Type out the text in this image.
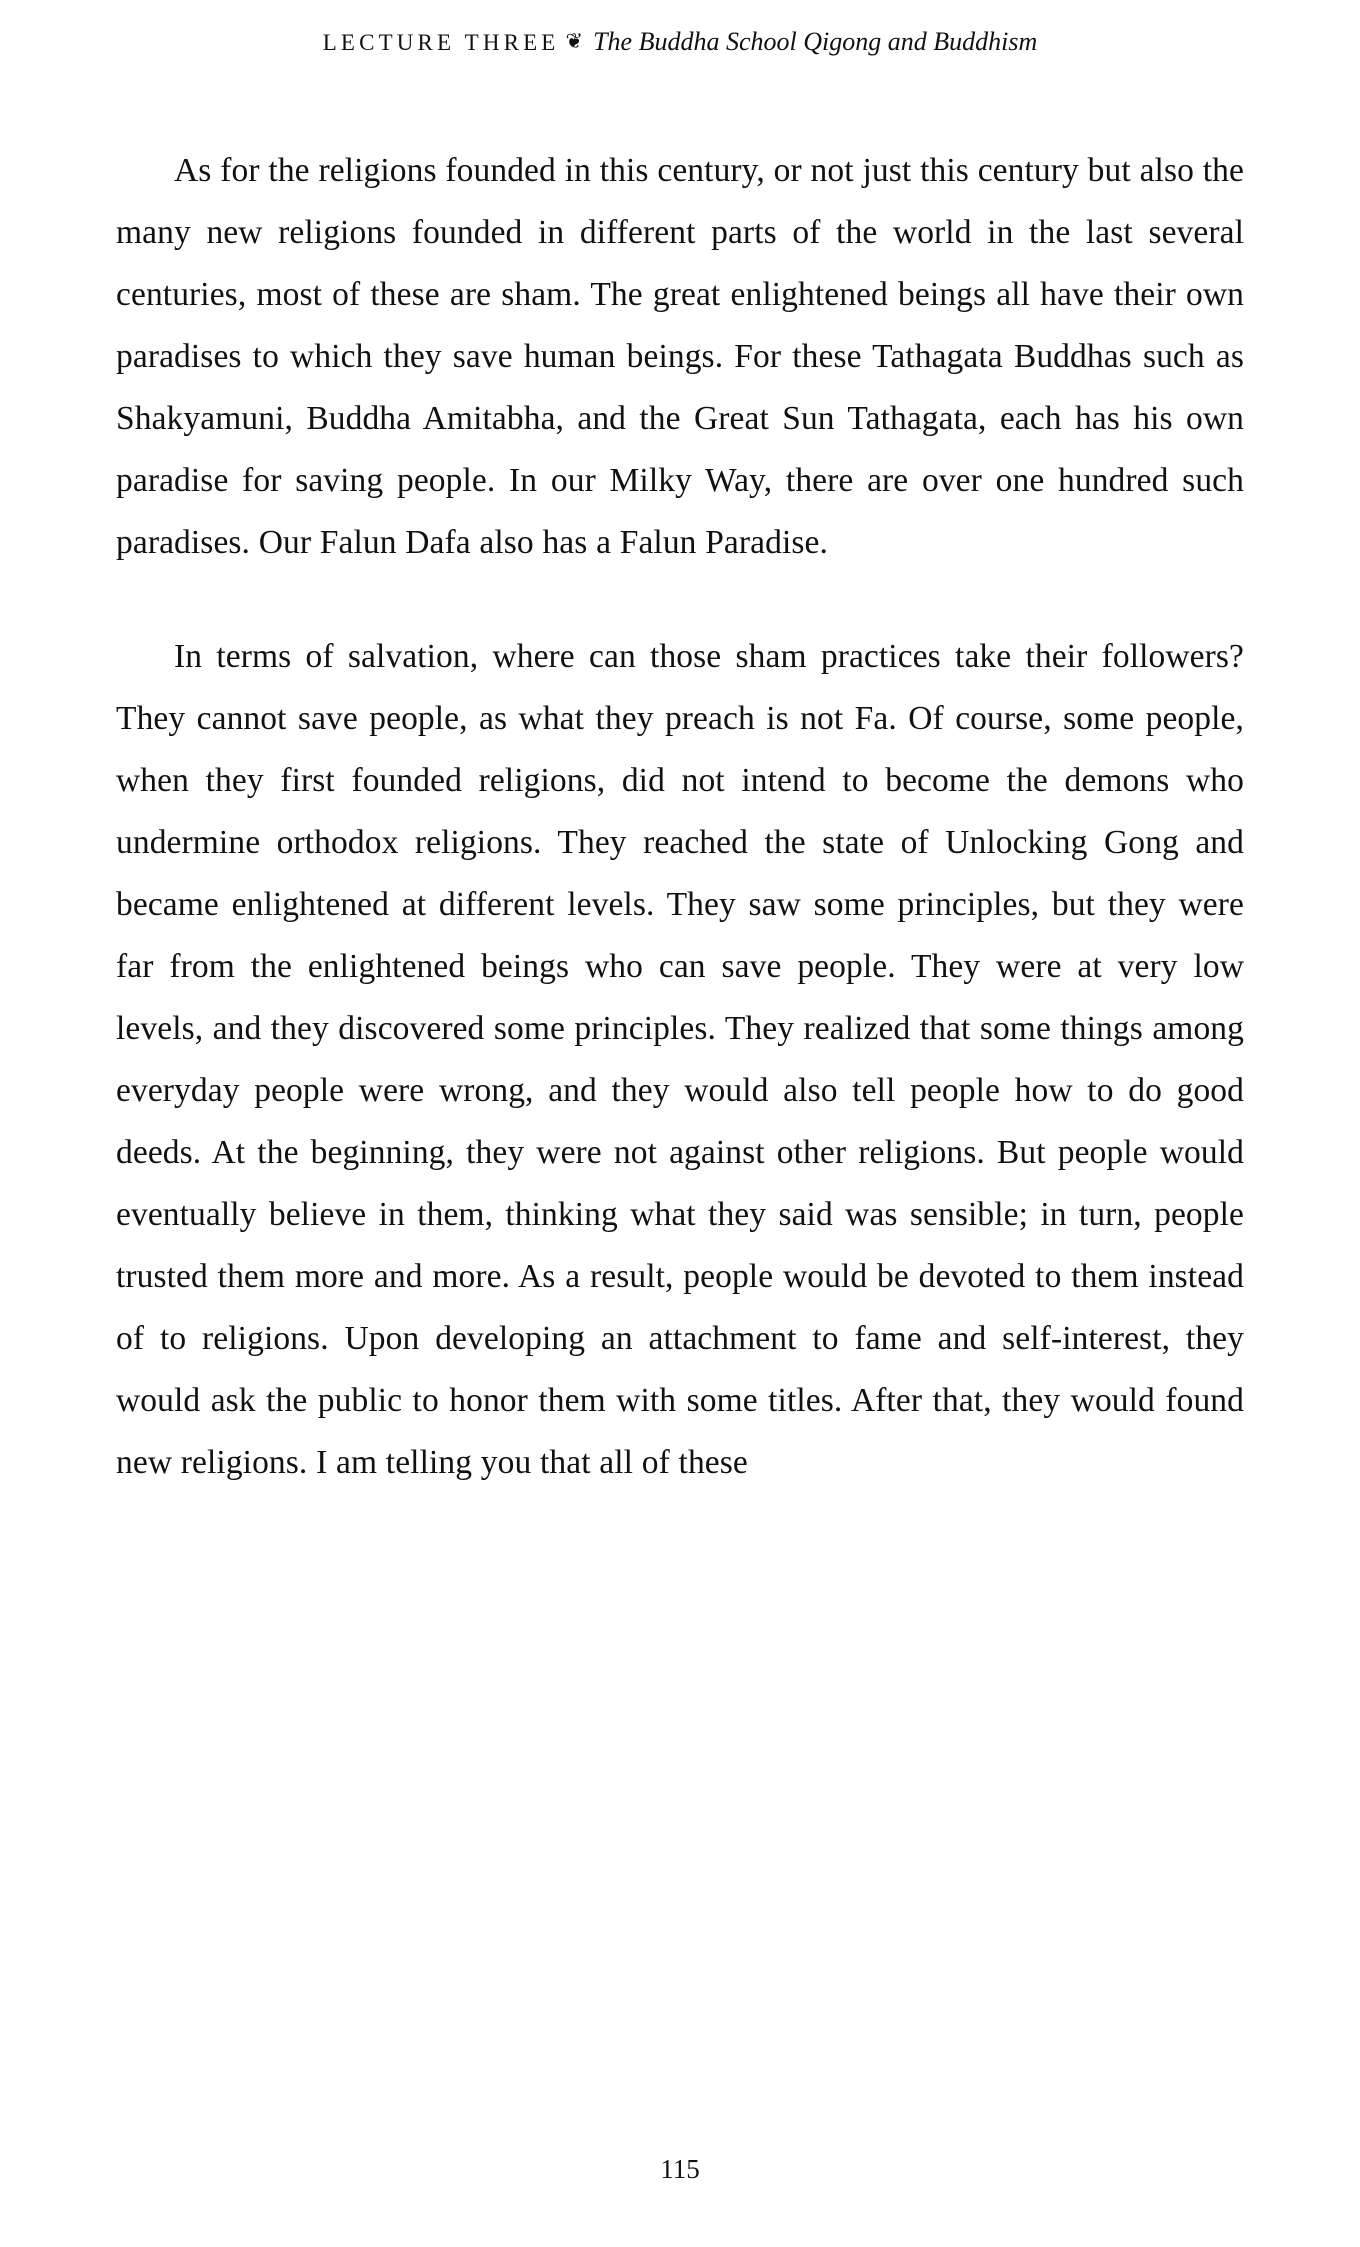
LECTURE THREE ❦ The Buddha School Qigong and Buddhism

As for the religions founded in this century, or not just this century but also the many new religions founded in different parts of the world in the last several centuries, most of these are sham. The great enlightened beings all have their own paradises to which they save human beings. For these Tathagata Buddhas such as Shakyamuni, Buddha Amitabha, and the Great Sun Tathagata, each has his own paradise for saving people. In our Milky Way, there are over one hundred such paradises. Our Falun Dafa also has a Falun Paradise.

In terms of salvation, where can those sham practices take their followers? They cannot save people, as what they preach is not Fa. Of course, some people, when they first founded religions, did not intend to become the demons who undermine orthodox religions. They reached the state of Unlocking Gong and became enlightened at different levels. They saw some principles, but they were far from the enlightened beings who can save people. They were at very low levels, and they discovered some principles. They realized that some things among everyday people were wrong, and they would also tell people how to do good deeds. At the beginning, they were not against other religions. But people would eventually believe in them, thinking what they said was sensible; in turn, people trusted them more and more. As a result, people would be devoted to them instead of to religions. Upon developing an attachment to fame and self-interest, they would ask the public to honor them with some titles. After that, they would found new religions. I am telling you that all of these

115
